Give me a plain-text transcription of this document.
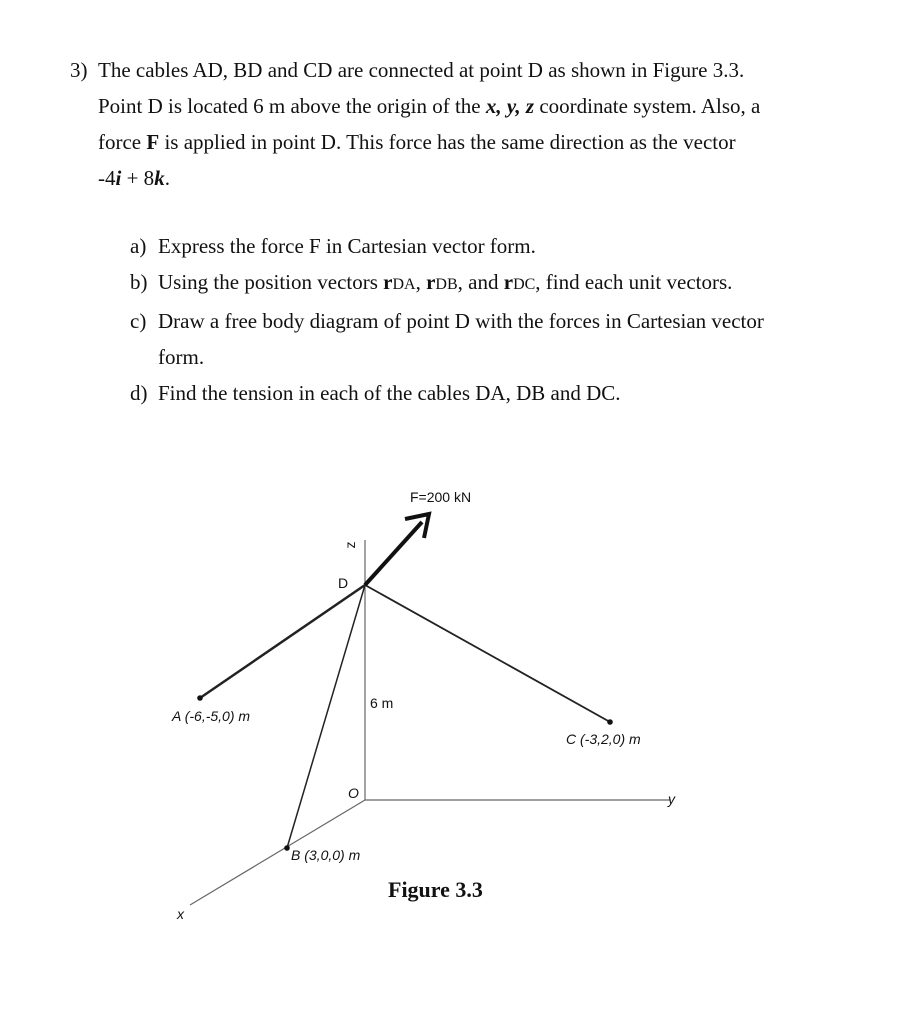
3) The cables AD, BD and CD are connected at point D as shown in Figure 3.3.
Point D is located 6 m above the origin of the x, y, z coordinate system. Also, a
force F is applied in point D. This force has the same direction as the vector
-4i + 8k.
a) Express the force F in Cartesian vector form.
b) Using the position vectors rDA, rDB, and rDC, find each unit vectors.
c) Draw a free body diagram of point D with the forces in Cartesian vector
form.
d) Find the tension in each of the cables DA, DB and DC.
F=200 kN
z
D
6 m
A (-6,-5,0) m
C (-3,2,0) m
O	y
B (3,0,0) m
x
Figure 3.3
